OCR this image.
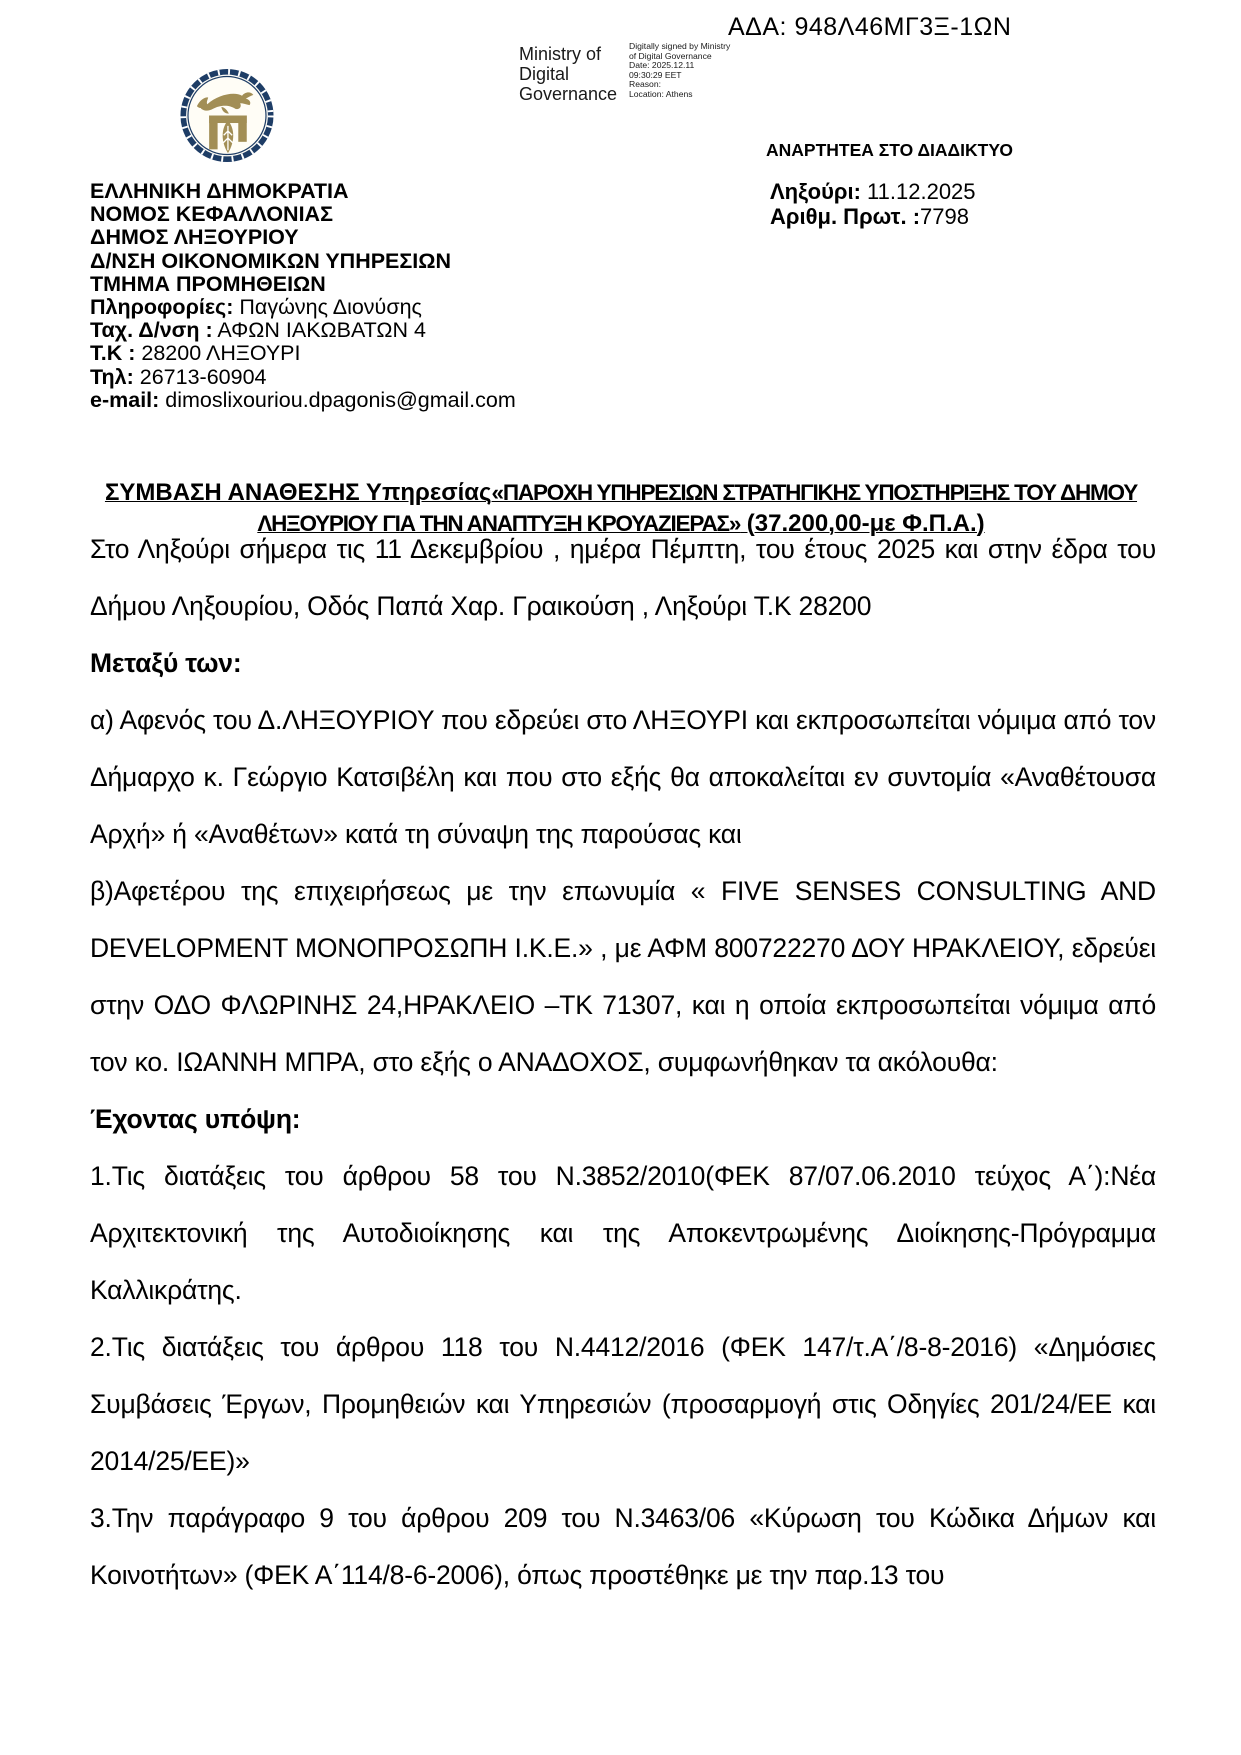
ΑΔΑ: 948Λ46ΜΓ3Ξ-1ΩΝ
Ministry of
Digital
Governance
Digitally signed by Ministry
of Digital Governance
Date: 2025.12.11
09:30:29 EET
Reason:
Location: Athens
ΑΝΑΡΤΗΤΕΑ ΣΤΟ ΔΙΑΔΙΚΤΥΟ
ΕΛΛΗΝΙΚΗ ΔΗΜΟΚΡΑΤΙΑ
ΝΟΜΟΣ ΚΕΦΑΛΛΟΝΙΑΣ
ΔΗΜΟΣ ΛΗΞΟΥΡΙΟΥ
Δ/ΝΣΗ ΟΙΚΟΝΟΜΙΚΩΝ ΥΠΗΡΕΣΙΩΝ
ΤΜΗΜΑ ΠΡΟΜΗΘΕΙΩΝ
Πληροφορίες: Παγώνης Διονύσης
Ταχ. Δ/νση : ΑΦΩΝ ΙΑΚΩΒΑΤΩΝ 4
Τ.Κ : 28200 ΛΗΞΟΥΡΙ
Τηλ: 26713-60904
e-mail: dimoslixouriou.dpagonis@gmail.com
Ληξούρι: 11.12.2025
Αριθμ. Πρωτ. :7798
ΣΥΜΒΑΣΗ ΑΝΑΘΕΣΗΣ Υπηρεσίας«ΠΑΡΟΧΗ ΥΠΗΡΕΣΙΩΝ ΣΤΡΑΤΗΓΙΚΗΣ ΥΠΟΣΤΗΡΙΞΗΣ ΤΟΥ ΔΗΜΟΥ ΛΗΞΟΥΡΙΟΥ ΓΙΑ ΤΗΝ ΑΝΑΠΤΥΞΗ ΚΡΟΥΑΖΙΕΡΑΣ» (37.200,00-με Φ.Π.Α.)

Στο Ληξούρι σήμερα τις 11 Δεκεμβρίου , ημέρα Πέμπτη, του έτους 2025 και στην έδρα του Δήμου Ληξουρίου, Οδός Παπά Χαρ. Γραικούση , Ληξούρι Τ.Κ 28200

Μεταξύ των:

α) Αφενός του Δ.ΛΗΞΟΥΡΙΟΥ που εδρεύει στο ΛΗΞΟΥΡΙ και εκπροσωπείται νόμιμα από τον Δήμαρχο κ. Γεώργιο Κατσιβέλη και που στο εξής θα αποκαλείται εν συντομία «Αναθέτουσα Αρχή» ή «Αναθέτων» κατά τη σύναψη της παρούσας και

β)Αφετέρου της επιχειρήσεως με την επωνυμία « FIVE SENSES CONSULTING AND DEVELOPMENT ΜΟΝΟΠΡΟΣΩΠΗ Ι.Κ.Ε.» , με ΑΦΜ 800722270 ΔΟΥ ΗΡΑΚΛΕΙΟΥ, εδρεύει στην ΟΔΟ ΦΛΩΡΙΝΗΣ 24,ΗΡΑΚΛΕΙΟ –ΤΚ 71307, και η οποία εκπροσωπείται νόμιμα από τον κο. ΙΩΑΝΝΗ ΜΠΡΑ, στο εξής ο ΑΝΑΔΟΧΟΣ, συμφωνήθηκαν τα ακόλουθα:

Έχοντας υπόψη:

1.Τις διατάξεις του άρθρου 58 του Ν.3852/2010(ΦΕΚ 87/07.06.2010 τεύχος Α΄):Νέα Αρχιτεκτονική της Αυτοδιοίκησης και της Αποκεντρωμένης Διοίκησης-Πρόγραμμα Καλλικράτης.

2.Τις διατάξεις του άρθρου 118 του Ν.4412/2016 (ΦΕΚ 147/τ.Α΄/8-8-2016) «Δημόσιες Συμβάσεις Έργων, Προμηθειών και Υπηρεσιών (προσαρμογή στις Οδηγίες 201/24/ΕΕ και 2014/25/ΕΕ)»

3.Την παράγραφο 9 του άρθρου 209 του Ν.3463/06 «Κύρωση του Κώδικα Δήμων και Κοινοτήτων» (ΦΕΚ Α΄114/8-6-2006), όπως προστέθηκε με την παρ.13 του
